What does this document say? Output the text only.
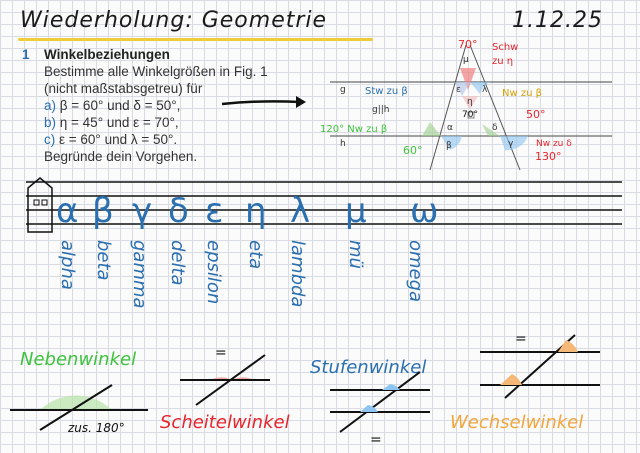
Wiederholung: Geometrie	1.12.25
1 Winkelbeziehungen
Bestimme alle Winkelgrößen in Fig. 1
(nicht maßstabsgetreu) für
a) β = 60° und δ = 50°,
b) η = 45° und ε = 70°,
c) ε = 60° und λ = 50°.
Begründe dein Vorgehen.
g
h
g||h
μ
ε λ
η
α	δ
β	γ
70° Schw
zu η
50°
Nw zu δ
130°
Stw zu β	Nw zu β
120° Nw zu β
60°
70°
α β γ δ ε η λ μ ω
alpha beta gamma delta epsilon eta lambda mü omega
Nebenwinkel
zus. 180°
=
Scheitelwinkel
Stufenwinkel
=
=
Wechselwinkel
